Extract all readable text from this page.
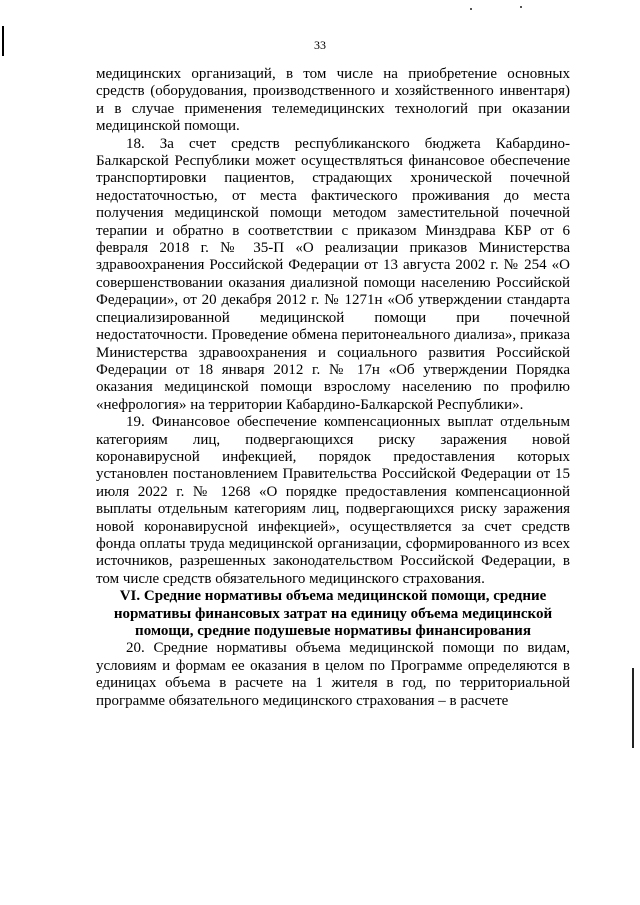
33

медицинских организаций, в том числе на приобретение основных средств (оборудования, производственного и хозяйственного инвентаря) и в случае применения телемедицинских технологий при оказании медицинской помощи.

18. За счет средств республиканского бюджета Кабардино-Балкарской Республики может осуществляться финансовое обеспечение транспортировки пациентов, страдающих хронической почечной недостаточностью, от места фактического проживания до места получения медицинской помощи методом заместительной почечной терапии и обратно в соответствии с приказом Минздрава КБР от 6 февраля 2018 г. № 35-П «О реализации приказов Министерства здравоохранения Российской Федерации от 13 августа 2002 г. № 254 «О совершенствовании оказания диализной помощи населению Российской Федерации», от 20 декабря 2012 г. № 1271н «Об утверждении стандарта специализированной медицинской помощи при почечной недостаточности. Проведение обмена перитонеального диализа», приказа Министерства здравоохранения и социального развития Российской Федерации от 18 января 2012 г. № 17н «Об утверждении Порядка оказания медицинской помощи взрослому населению по профилю «нефрология» на территории Кабардино-Балкарской Республики».

19. Финансовое обеспечение компенсационных выплат отдельным категориям лиц, подвергающихся риску заражения новой коронавирусной инфекцией, порядок предоставления которых установлен постановлением Правительства Российской Федерации от 15 июля 2022 г. № 1268 «О порядке предоставления компенсационной выплаты отдельным категориям лиц, подвергающихся риску заражения новой коронавирусной инфекцией», осуществляется за счет средств фонда оплаты труда медицинской организации, сформированного из всех источников, разрешенных законодательством Российской Федерации, в том числе средств обязательного медицинского страхования.

VI. Средние нормативы объема медицинской помощи, средние нормативы финансовых затрат на единицу объема медицинской помощи, средние подушевые нормативы финансирования

20. Средние нормативы объема медицинской помощи по видам, условиям и формам ее оказания в целом по Программе определяются в единицах объема в расчете на 1 жителя в год, по территориальной программе обязательного медицинского страхования – в расчете
